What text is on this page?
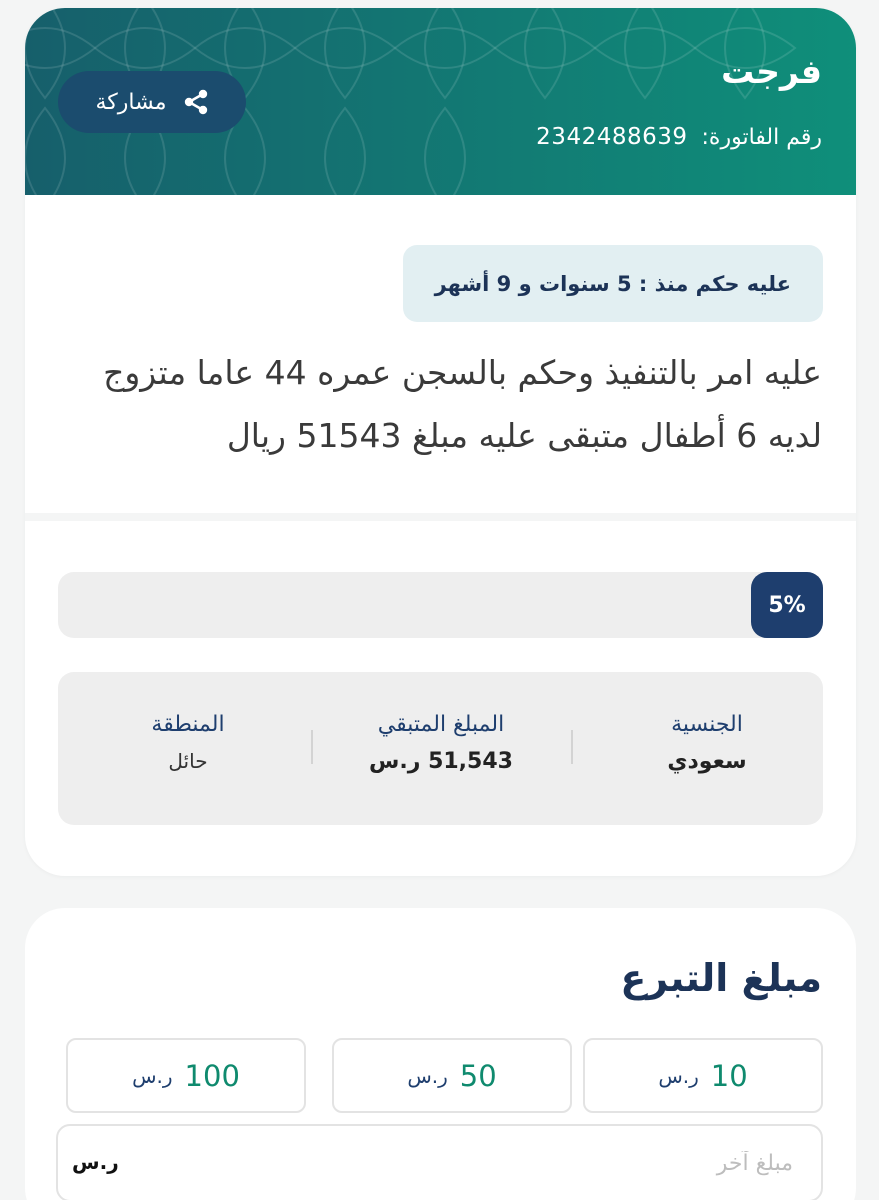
فرجت
رقم الفاتورة:
2342488639
مشاركة
عليه حكم منذ : 5 سنوات و 9 أشهر
عليه امر بالتنفيذ وحكم بالسجن عمره 44 عاما متزوج لديه 6 أطفال متبقى عليه مبلغ 51543 ريال
5%
الجنسية
سعودي
المبلغ المتبقي
51,543 ر.س
المنطقة
حائل
مبلغ التبرع
10
ر.س
50
ر.س
100
ر.س
مبلغ آخر
ر.س
